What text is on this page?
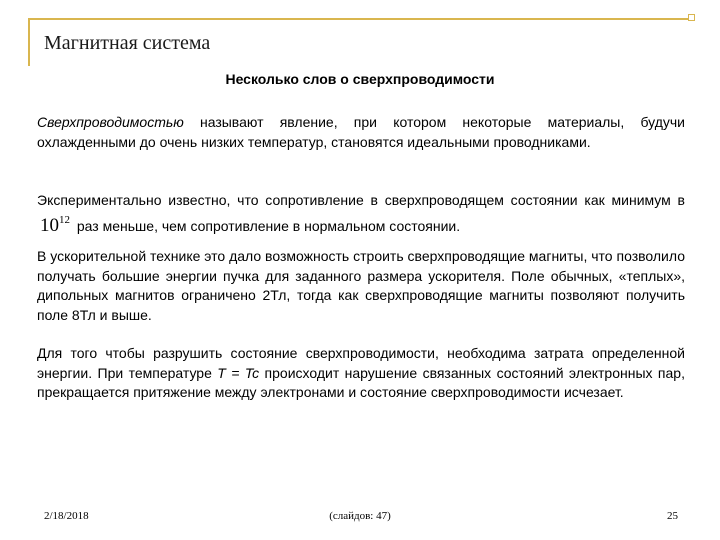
Магнитная система
Несколько слов о сверхпроводимости

Сверхпроводимостью называют явление, при котором некоторые материалы, будучи охлажденными до очень низких температур, становятся идеальными проводниками.

Экспериментально известно, что сопротивление в сверхпроводящем состоянии как минимум в $10^{12}$ раз меньше, чем сопротивление в нормальном состоянии.

В ускорительной технике это дало возможность строить сверхпроводящие магниты, что позволило получать большие энергии пучка для заданного размера ускорителя. Поле обычных, «теплых», дипольных магнитов ограничено 2Тл, тогда как сверхпроводящие магниты позволяют получить поле 8Тл и выше.

Для того чтобы разрушить состояние сверхпроводимости, необходима затрата определенной энергии. При температуре T = Tc происходит нарушение связанных состояний электронных пар, прекращается притяжение между электронами и состояние сверхпроводимости исчезает.

2/18/2018	(слайдов: 47)	25
